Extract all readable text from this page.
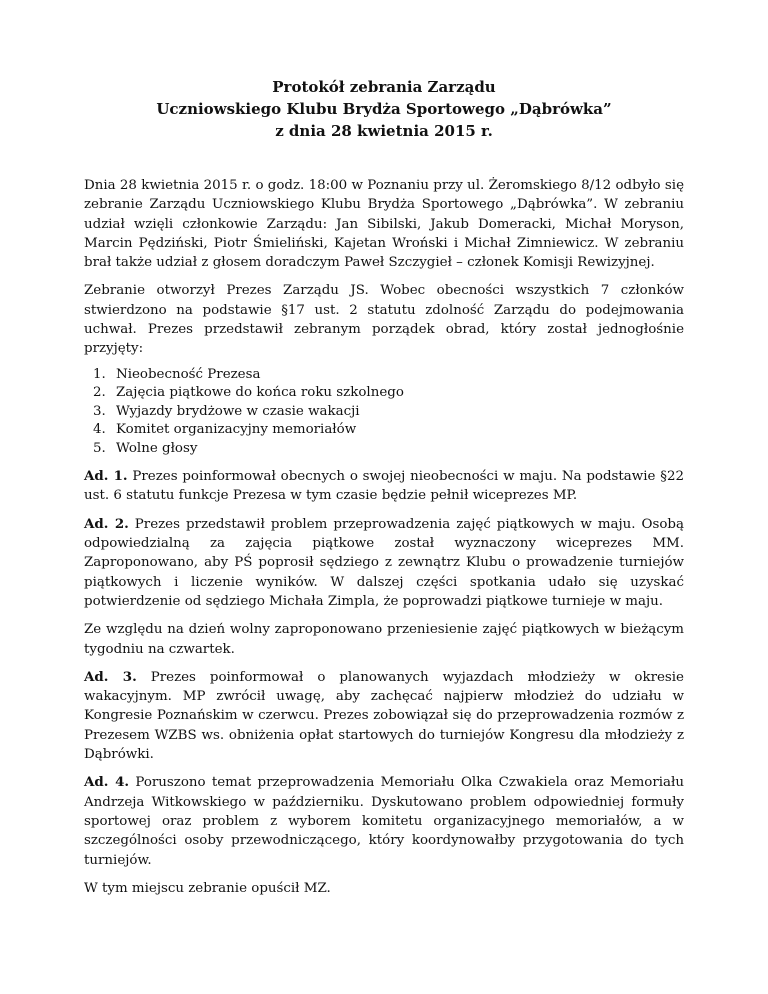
Protokół zebrania Zarządu
Uczniowskiego Klubu Brydża Sportowego „Dąbrówka”
z dnia 28 kwietnia 2015 r.

Dnia 28 kwietnia 2015 r. o godz. 18:00 w Poznaniu przy ul. Żeromskiego 8/12 odbyło się zebranie Zarządu Uczniowskiego Klubu Brydża Sportowego „Dąbrówka”. W zebraniu udział wzięli członkowie Zarządu: Jan Sibilski, Jakub Domeracki, Michał Moryson, Marcin Pędziński, Piotr Śmieliński, Kajetan Wroński i Michał Zimniewicz. W zebraniu brał także udział z głosem doradczym Paweł Szczygieł – członek Komisji Rewizyjnej.

Zebranie otworzył Prezes Zarządu JS. Wobec obecności wszystkich 7 członków stwierdzono na podstawie §17 ust. 2 statutu zdolność Zarządu do podejmowania uchwał. Prezes przedstawił zebranym porządek obrad, który został jednogłośnie przyjęty:

1. Nieobecność Prezesa
2. Zajęcia piątkowe do końca roku szkolnego
3. Wyjazdy brydżowe w czasie wakacji
4. Komitet organizacyjny memoriałów
5. Wolne głosy

Ad. 1. Prezes poinformował obecnych o swojej nieobecności w maju. Na podstawie §22 ust. 6 statutu funkcje Prezesa w tym czasie będzie pełnił wiceprezes MP.

Ad. 2. Prezes przedstawił problem przeprowadzenia zajęć piątkowych w maju. Osobą odpowiedzialną za zajęcia piątkowe został wyznaczony wiceprezes MM. Zaproponowano, aby PŚ poprosił sędziego z zewnątrz Klubu o prowadzenie turniejów piątkowych i liczenie wyników. W dalszej części spotkania udało się uzyskać potwierdzenie od sędziego Michała Zimpla, że poprowadzi piątkowe turnieje w maju.

Ze względu na dzień wolny zaproponowano przeniesienie zajęć piątkowych w bieżącym tygodniu na czwartek.

Ad. 3. Prezes poinformował o planowanych wyjazdach młodzieży w okresie wakacyjnym. MP zwrócił uwagę, aby zachęcać najpierw młodzież do udziału w Kongresie Poznańskim w czerwcu. Prezes zobowiązał się do przeprowadzenia rozmów z Prezesem WZBS ws. obniżenia opłat startowych do turniejów Kongresu dla młodzieży z Dąbrówki.

Ad. 4. Poruszono temat przeprowadzenia Memoriału Olka Czwakiela oraz Memoriału Andrzeja Witkowskiego w październiku. Dyskutowano problem odpowiedniej formuły sportowej oraz problem z wyborem komitetu organizacyjnego memoriałów, a w szczególności osoby przewodniczącego, który koordynowałby przygotowania do tych turniejów.

W tym miejscu zebranie opuścił MZ.
